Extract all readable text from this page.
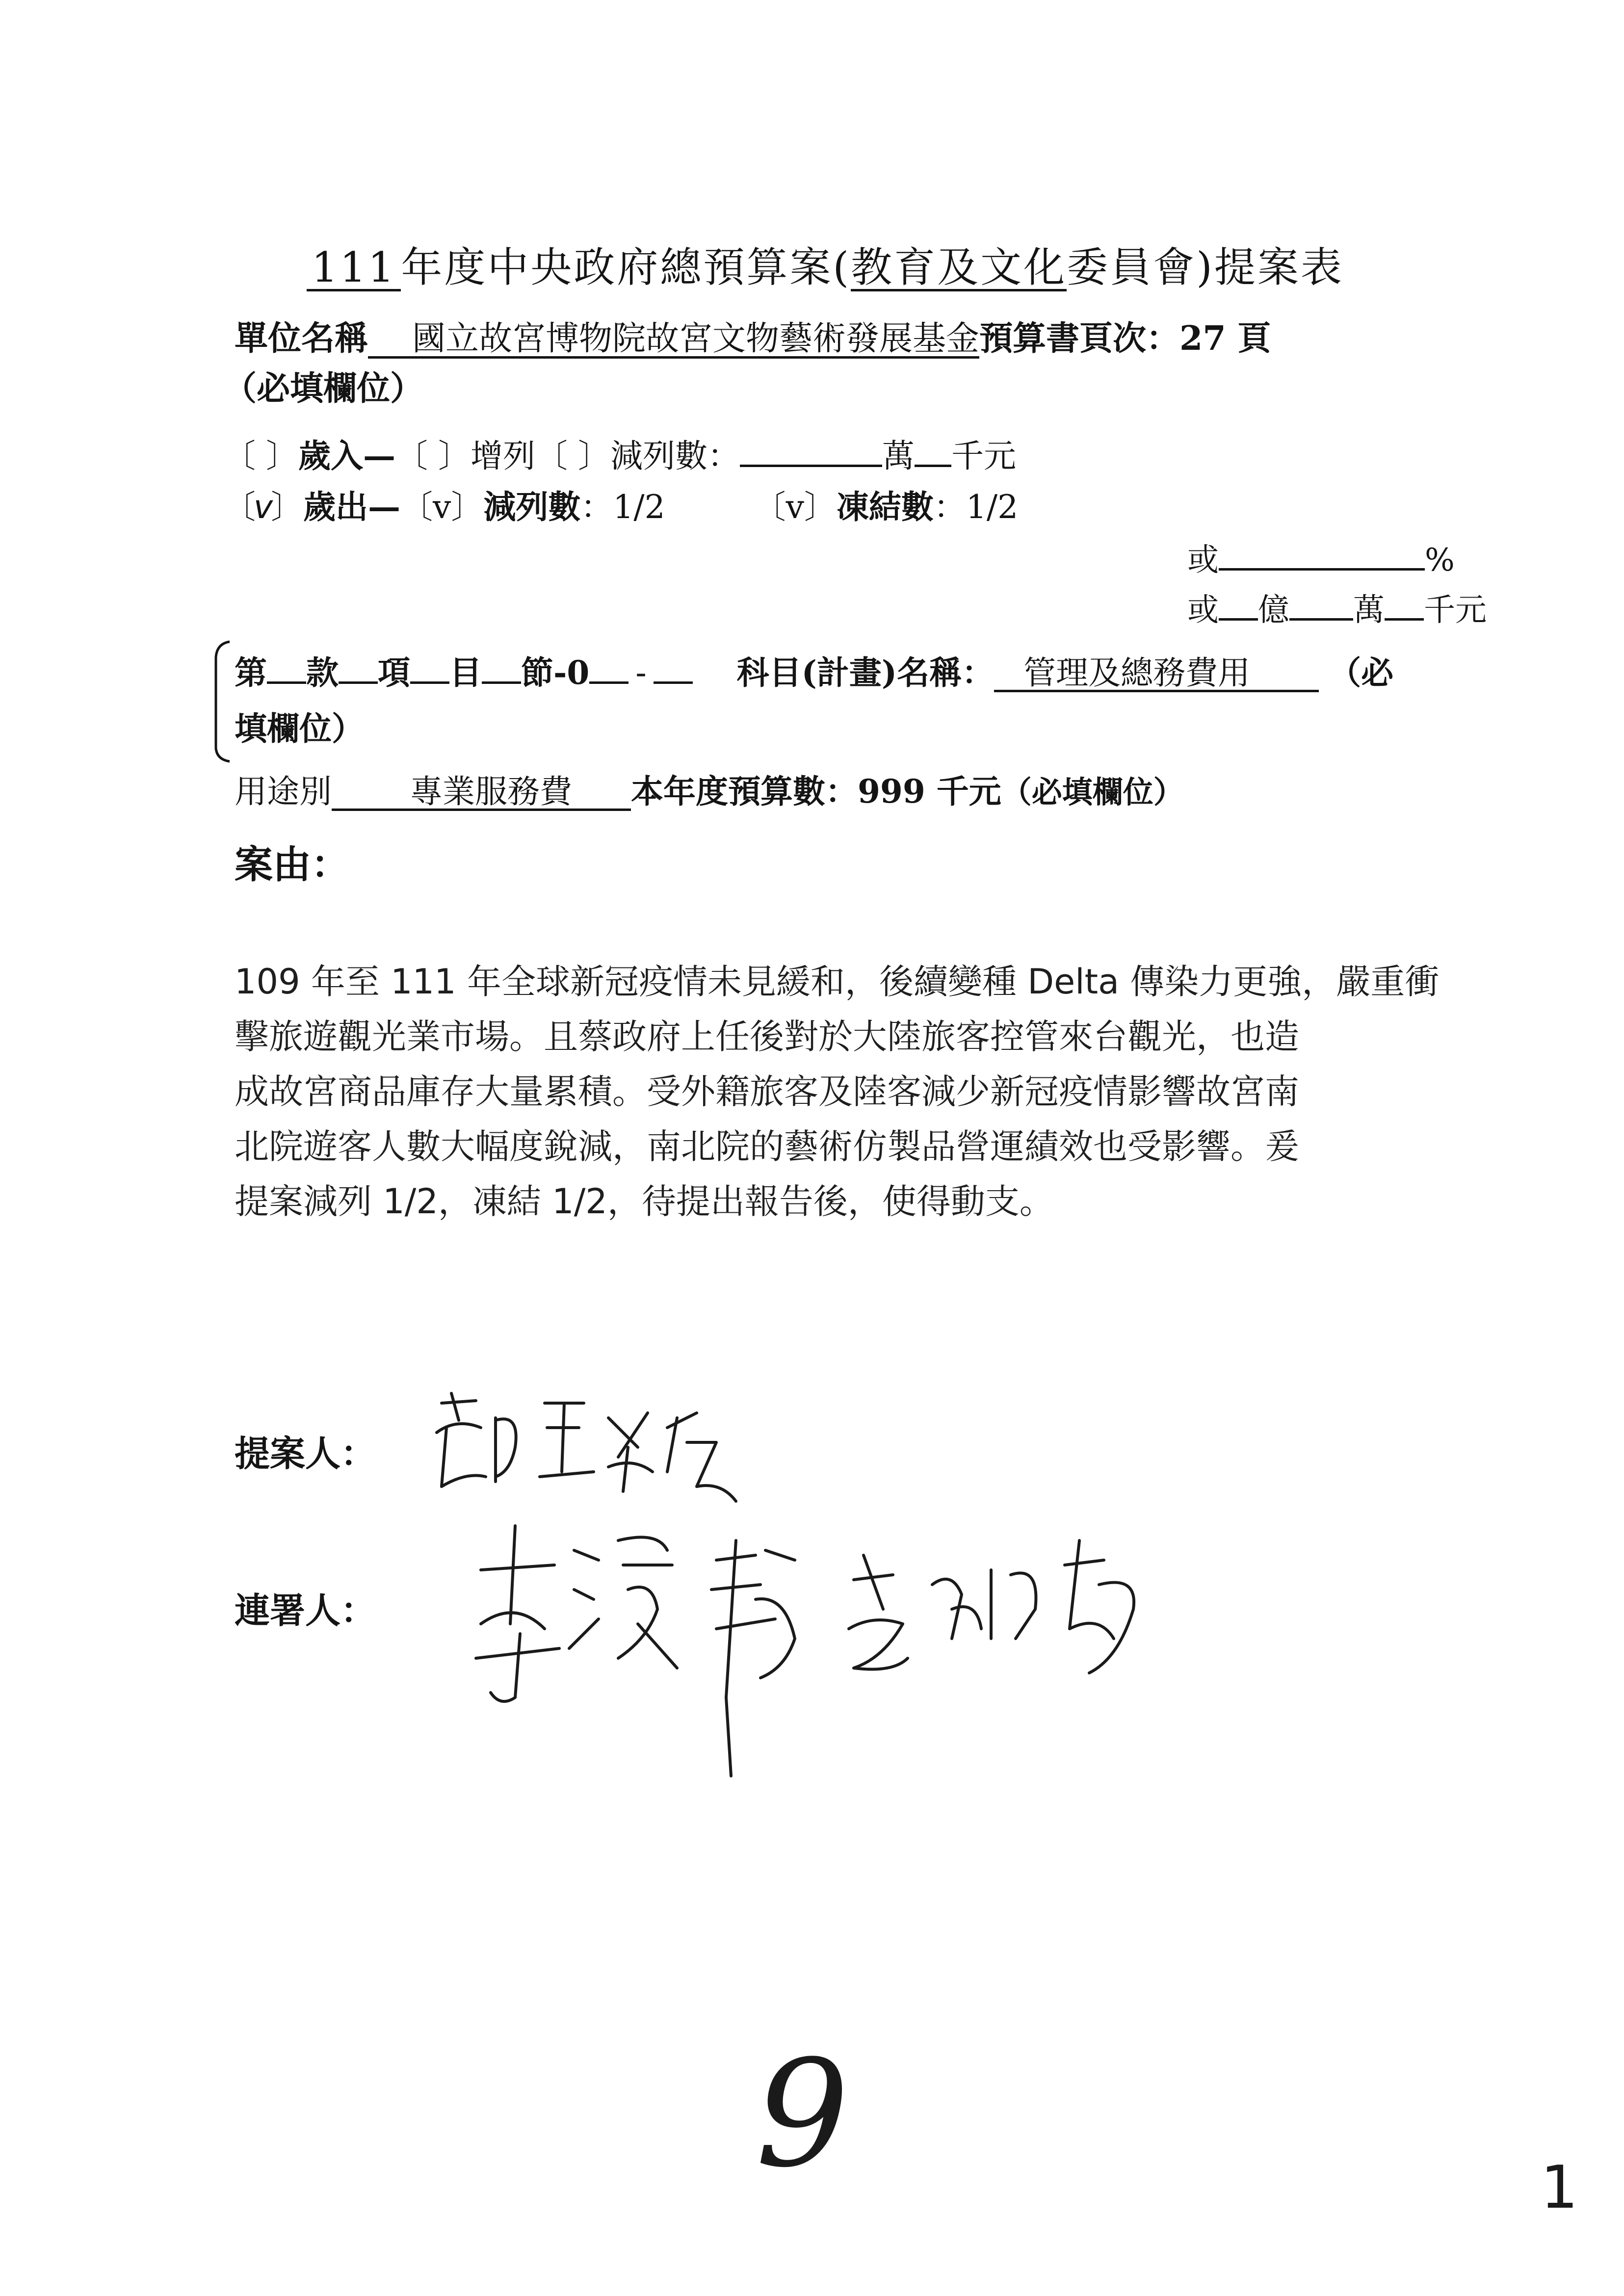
111 年度中央政府總預算案(教育及文化委員會)提案表
單位名稱 國立故宮博物院故宮文物藝術發展基金預算書頁次：27 頁
（必填欄位）
〔 〕歲入—〔 〕增列〔 〕減列數：	萬 千元
〔v〕歲出—〔v〕減列數：1/2	〔v〕凍結數：1/2
或	%
或 億 萬 千元
第 款 項 目 節-0 -	科目(計畫)名稱： 管理及總務費用 （必
填欄位）
用途別 專業服務費 本年度預算數：999 千元（必填欄位）
案由：
109 年至 111 年全球新冠疫情未見緩和，後續變種 Delta 傳染力更強，嚴重衝
擊旅遊觀光業市場。且蔡政府上任後對於大陸旅客控管來台觀光，也造
成故宮商品庫存大量累積。受外籍旅客及陸客減少新冠疫情影響故宮南
北院遊客人數大幅度銳減，南北院的藝術仿製品營運績效也受影響。爰
提案減列 1/2，凍結 1/2，待提出報告後，使得動支。
提案人：
連署人：
9	1
